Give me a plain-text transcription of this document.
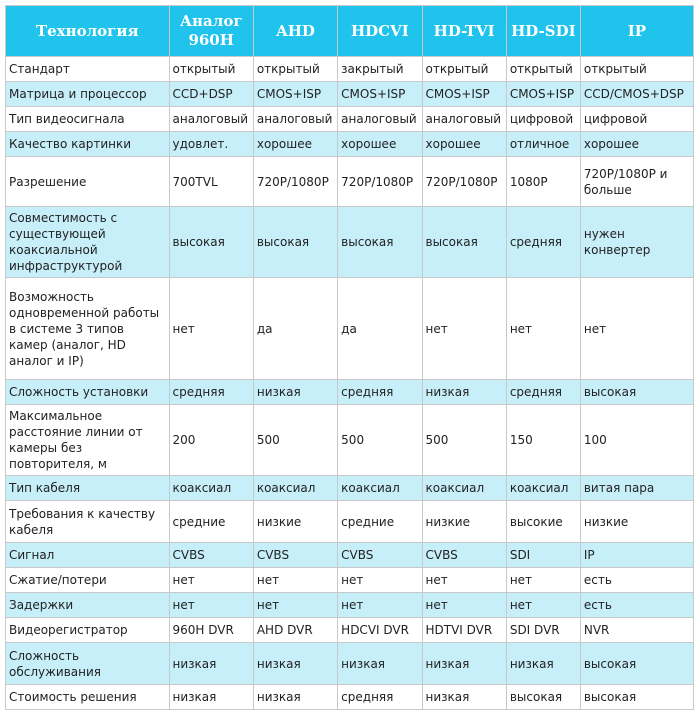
Технология	Аналог 960H	AHD	HDCVI	HD-TVI	HD-SDI	IP
Стандарт	открытый	открытый	закрытый	открытый	открытый	открытый
Матрица и процессор	CCD+DSP	CMOS+ISP	CMOS+ISP	CMOS+ISP	CMOS+ISP	CCD/CMOS+DSP
Тип видеосигнала	аналоговый	аналоговый	аналоговый	аналоговый	цифровой	цифровой
Качество картинки	удовлет.	хорошее	хорошее	хорошее	отличное	хорошее
Разрешение	700TVL	720P/1080P	720P/1080P	720P/1080P	1080P	720P/1080P и больше
Совместимость с существующей коаксиальной инфраструктурой	высокая	высокая	высокая	высокая	средняя	нужен конвертер
Возможность одновременной работы в системе 3 типов камер (аналог, HD аналог и IP)	нет	да	да	нет	нет	нет
Сложность установки	средняя	низкая	средняя	низкая	средняя	высокая
Максимальное расстояние линии от камеры без повторителя, м	200	500	500	500	150	100
Тип кабеля	коаксиал	коаксиал	коаксиал	коаксиал	коаксиал	витая пара
Требования к качеству кабеля	средние	низкие	средние	низкие	высокие	низкие
Сигнал	CVBS	CVBS	CVBS	CVBS	SDI	IP
Сжатие/потери	нет	нет	нет	нет	нет	есть
Задержки	нет	нет	нет	нет	нет	есть
Видеорегистратор	960H DVR	AHD DVR	HDCVI DVR	HDTVI DVR	SDI DVR	NVR
Сложность обслуживания	низкая	низкая	низкая	низкая	низкая	высокая
Стоимость решения	низкая	низкая	средняя	низкая	высокая	высокая
